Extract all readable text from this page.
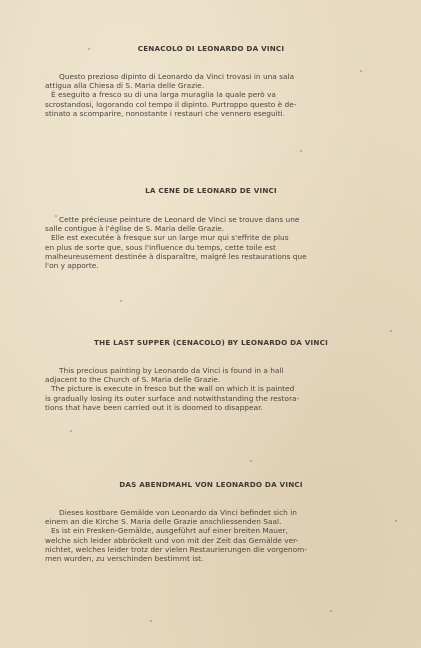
CENACOLO DI LEONARDO DA VINCI
Questo prezioso dipinto di Leonardo da Vinci trovasi in una sala
attigua alla Chiesa di S. Maria delle Grazie.
È eseguito a fresco su di una larga muraglia la quale però va
scrostandosi, logorando col tempo il dipinto. Purtroppo questo è de-
stinato a scomparire, nonostante i restauri che vennero eseguiti.
LA CENE DE LEONARD DE VINCI
Cette précieuse peinture de Leonard de Vinci se trouve dans une
salle contigue à l'église de S. Maria delle Grazie.
Elle est executée à fresque sur un large mur qui s'effrite de plus
en plus de sorte que, sous l'influence du temps, cette toile est
malheureusement destinée à disparaître, malgré les restaurations que
l'on y apporte.
THE LAST SUPPER (CENACOLO) BY LEONARDO DA VINCI
This precious painting by Leonardo da Vinci is found in a hall
adjacent to the Church of S. Maria delle Grazie.
The picture is execute in fresco but the wall on which it is painted
is gradually losing its outer surface and notwithstanding the restora-
tions that have been carried out it is doomed to disappear.
DAS ABENDMAHL VON LEONARDO DA VINCI
Dieses kostbare Gemälde von Leonardo da Vinci befindet sich in
einem an die Kirche S. Maria delle Grazie anschliessenden Saal.
Es ist ein Fresken-Gemälde, ausgeführt auf einer breiten Mauer,
welche sich leider abbröckelt und von mit der Zeit das Gemälde ver-
nichtet, welches leider trotz der vielen Restaurierungen die vorgenom-
men wurden, zu verschinden bestimmt ist.
